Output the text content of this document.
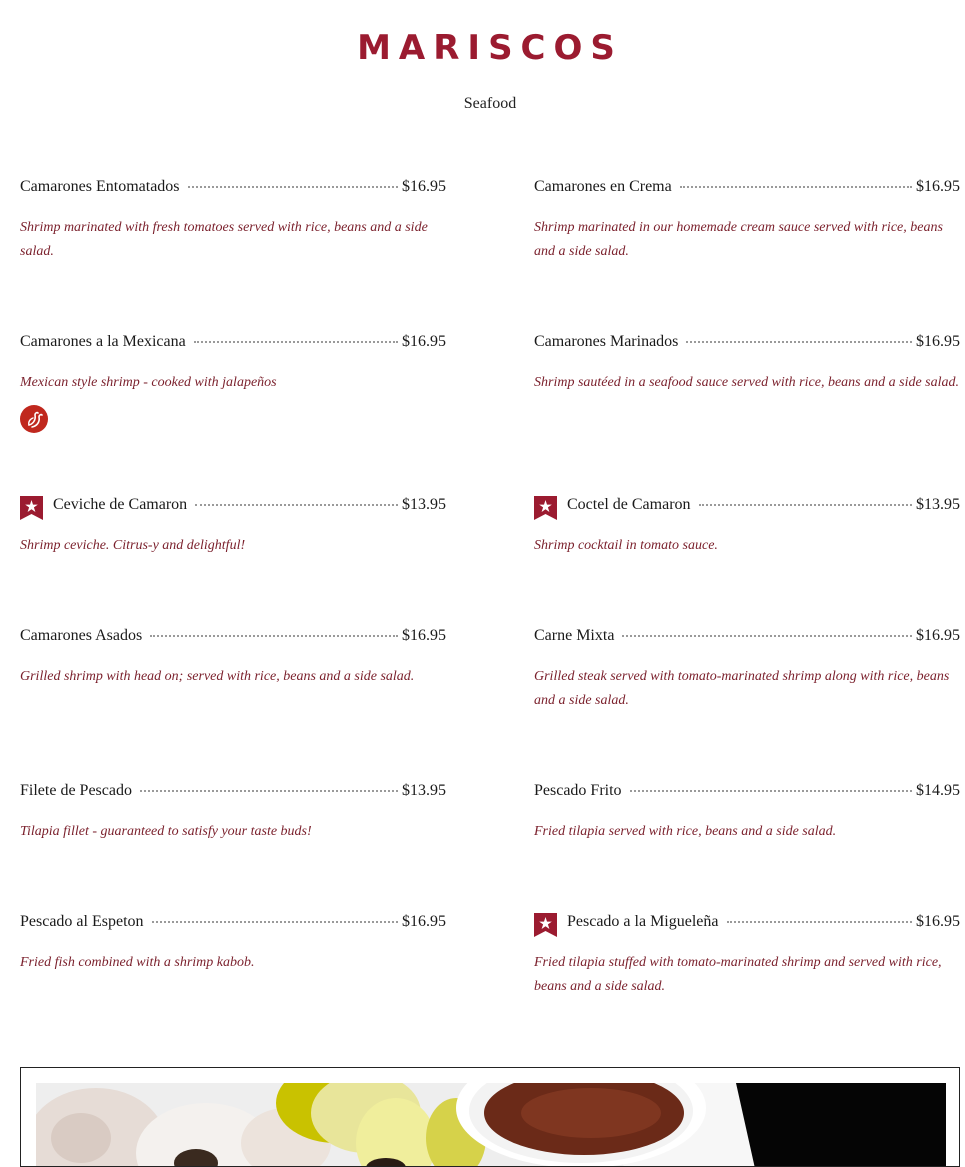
MARISCOS
Seafood
Camarones Entomatados	$16.95
Shrimp marinated with fresh tomatoes served with rice, beans and a side salad.
Camarones en Crema	$16.95
Shrimp marinated in our homemade cream sauce served with rice, beans and a side salad.
Camarones a la Mexicana	$16.95
Mexican style shrimp - cooked with jalapeños
Camarones Marinados	$16.95
Shrimp sautéed in a seafood sauce served with rice, beans and a side salad.
Ceviche de Camaron	$13.95
Shrimp ceviche. Citrus-y and delightful!
Coctel de Camaron	$13.95
Shrimp cocktail in tomato sauce.
Camarones Asados	$16.95
Grilled shrimp with head on; served with rice, beans and a side salad.
Carne Mixta	$16.95
Grilled steak served with tomato-marinated shrimp along with rice, beans and a side salad.
Filete de Pescado	$13.95
Tilapia fillet - guaranteed to satisfy your taste buds!
Pescado Frito	$14.95
Fried tilapia served with rice, beans and a side salad.
Pescado al Espeton	$16.95
Fried fish combined with a shrimp kabob.
Pescado a la Migueleña	$16.95
Fried tilapia stuffed with tomato-marinated shrimp and served with rice, beans and a side salad.
